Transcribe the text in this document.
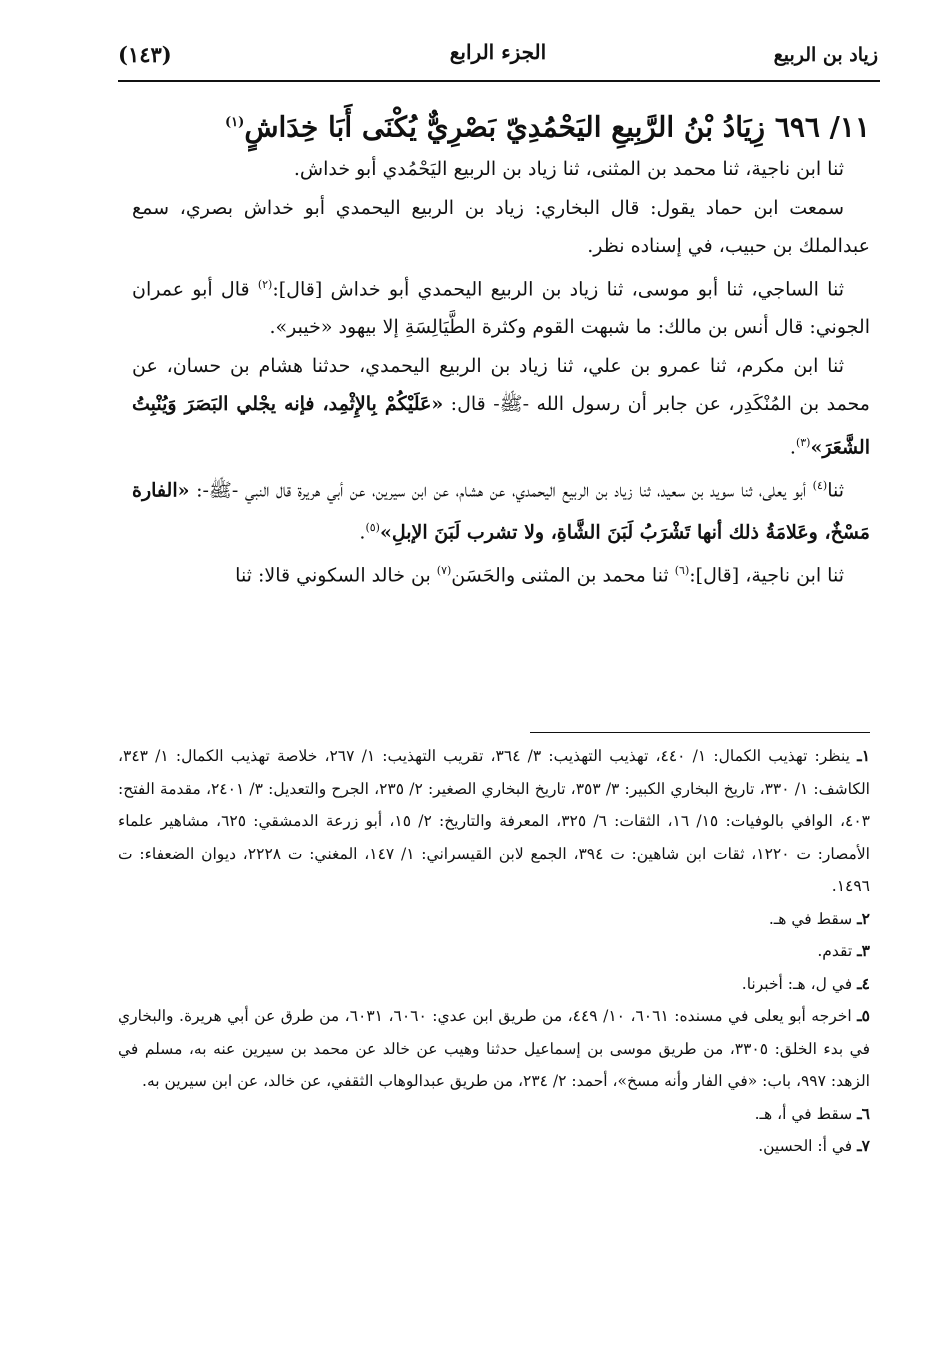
زياد بن الربيع
الجزء الرابع
(١٤٣)
١١/ ٦٩٦ زِيَادُ بْنُ الرَّبِيعِ اليَحْمُدِيّ بَصْرِيٌّ يُكْنَى أَبَا خِدَاشٍ$^{(١)}$

ثنا ابن ناجية، ثنا محمد بن المثنى، ثنا زياد بن الربيع اليَحْمُدي أبو خداش.

سمعت ابن حماد يقول: قال البخاري: زياد بن الربيع اليحمدي أبو خداش بصري، سمع عبدالملك بن حبيب، في إسناده نظر.

ثنا الساجي، ثنا أبو موسى، ثنا زياد بن الربيع اليحمدي أبو خداش [قال]:$^{(٢)}$ قال أبو عمران الجوني: قال أنس بن مالك: ما شبهت القوم وكثرة الطَّيَالِسَةِ إلا بيهود «خيبر».

ثنا ابن مكرم، ثنا عمرو بن علي، ثنا زياد بن الربيع اليحمدي، حدثنا هشام بن حسان، عن محمد بن المُنْكَدِر، عن جابر أن رسول الله -ﷺ- قال: «عَلَيْكُمْ بِالإِثْمِد، فإنه يجْلي البَصَرَ وَيُنْبِتُ الشَّعَرَ»$^{(٣)}$.

ثنا$^{(٤)}$ أبو يعلى، ثنا سويد بن سعيد، ثنا زياد بن الربيع اليحمدي، عن هشام، عن ابن سيرين، عن أبي هريرة قال النبي -ﷺ-: «الفارة مَسْخٌ، وعَلامَةُ ذلك أنها تَشْرَبُ لَبَنَ الشَّاةِ، ولا تشرب لَبَنَ الإبلِ»$^{(٥)}$.

ثنا ابن ناجية، [قال]:$^{(٦)}$ ثنا محمد بن المثنى والحَسَن$^{(٧)}$ بن خالد السكوني قالا: ثنا

١ـ ينظر: تهذيب الكمال: ١/ ٤٤٠، تهذيب التهذيب: ٣/ ٣٦٤، تقريب التهذيب: ١/ ٢٦٧، خلاصة تهذيب الكمال: ١/ ٣٤٣، الكاشف: ١/ ٣٣٠، تاريخ البخاري الكبير: ٣/ ٣٥٣، تاريخ البخاري الصغير: ٢/ ٢٣٥، الجرح والتعديل: ٣/ ٢٤٠١، مقدمة الفتح: ٤٠٣، الوافي بالوفيات: ١٥/ ١٦، الثقات: ٦/ ٣٢٥، المعرفة والتاريخ: ٢/ ١٥، أبو زرعة الدمشقي: ٦٢٥، مشاهير علماء الأمصار: ت ١٢٢٠، ثقات ابن شاهين: ت ٣٩٤، الجمع لابن القيسراني: ١/ ١٤٧، المغني: ت ٢٢٢٨، ديوان الضعفاء: ت ١٤٩٦.

٢ـ سقط في هـ.

٣ـ تقدم.

٤ـ في ل، هـ: أخبرنا.

٥ـ اخرجه أبو يعلى في مسنده: ٦٠٦١، ١٠/ ٤٤٩، من طريق ابن عدي: ٦٠٦٠، ٦٠٣١، من طرق عن أبي هريرة. والبخاري في بدء الخلق: ٣٣٠٥، من طريق موسى بن إسماعيل حدثنا وهيب عن خالد عن محمد بن سيرين عنه به، مسلم في الزهد: ٩٩٧، باب: «في الفار وأنه مسخ»، أحمد: ٢/ ٢٣٤، من طريق عبدالوهاب الثقفي، عن خالد، عن ابن سيرين به.

٦ـ سقط في أ، هـ.

٧ـ في أ: الحسين.
